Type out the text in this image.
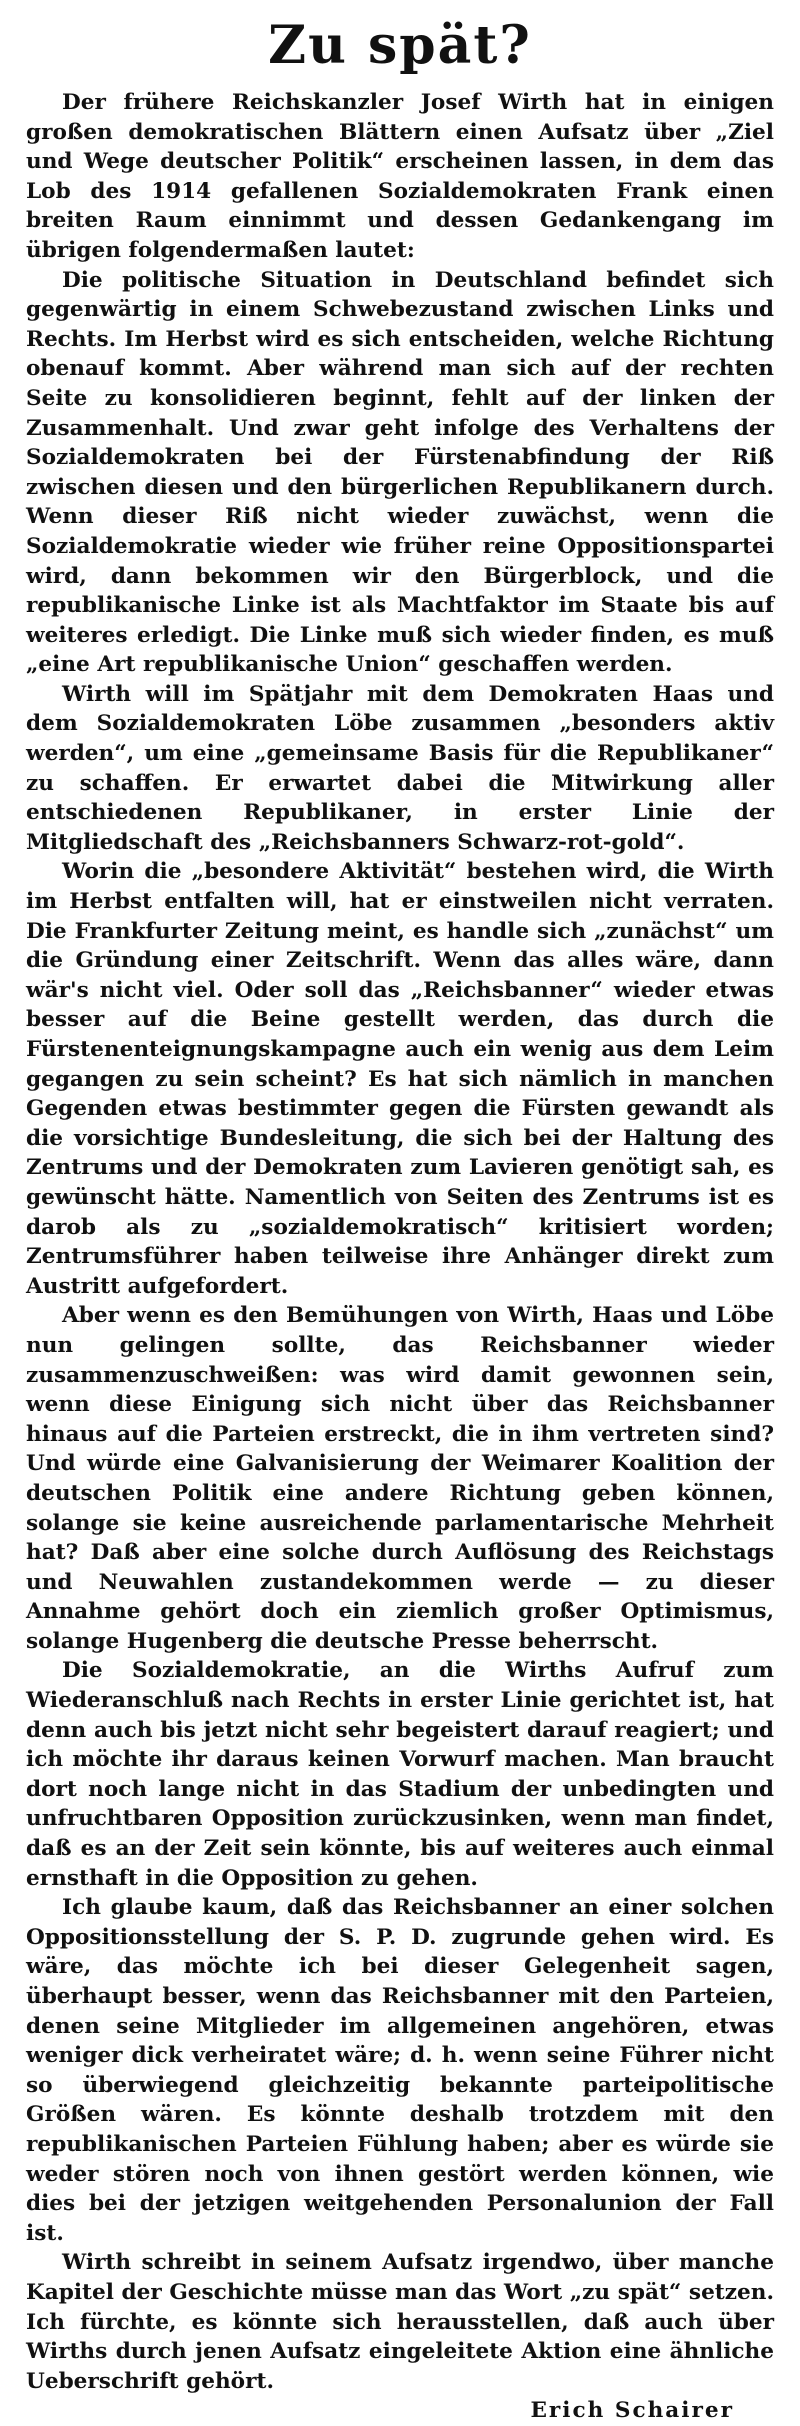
Zu spät?

Der frühere Reichskanzler Josef Wirth hat in einigen großen demokratischen Blättern einen Aufsatz über „Ziel und Wege deutscher Politik“ erscheinen lassen, in dem das Lob des 1914 gefallenen Sozialdemokraten Frank einen breiten Raum einnimmt und dessen Gedankengang im übrigen folgendermaßen lautet:

Die politische Situation in Deutschland befindet sich gegenwärtig in einem Schwebezustand zwischen Links und Rechts. Im Herbst wird es sich entscheiden, welche Richtung obenauf kommt. Aber während man sich auf der rechten Seite zu konsolidieren beginnt, fehlt auf der linken der Zusammenhalt. Und zwar geht infolge des Verhaltens der Sozialdemokraten bei der Fürstenabfindung der Riß zwischen diesen und den bürgerlichen Republikanern durch. Wenn dieser Riß nicht wieder zuwächst, wenn die Sozialdemokratie wieder wie früher reine Oppositionspartei wird, dann bekommen wir den Bürgerblock, und die republikanische Linke ist als Machtfaktor im Staate bis auf weiteres erledigt. Die Linke muß sich wieder finden, es muß „eine Art republikanische Union“ geschaffen werden.

Wirth will im Spätjahr mit dem Demokraten Haas und dem Sozialdemokraten Löbe zusammen „besonders aktiv werden“, um eine „gemeinsame Basis für die Republikaner“ zu schaffen. Er erwartet dabei die Mitwirkung aller entschiedenen Republikaner, in erster Linie der Mitgliedschaft des „Reichsbanners Schwarz-rot-gold“.

Worin die „besondere Aktivität“ bestehen wird, die Wirth im Herbst entfalten will, hat er einstweilen nicht verraten. Die Frankfurter Zeitung meint, es handle sich „zunächst“ um die Gründung einer Zeitschrift. Wenn das alles wäre, dann wär's nicht viel. Oder soll das „Reichsbanner“ wieder etwas besser auf die Beine gestellt werden, das durch die Fürstenenteignungskampagne auch ein wenig aus dem Leim gegangen zu sein scheint? Es hat sich nämlich in manchen Gegenden etwas bestimmter gegen die Fürsten gewandt als die vorsichtige Bundesleitung, die sich bei der Haltung des Zentrums und der Demokraten zum Lavieren genötigt sah, es gewünscht hätte. Namentlich von Seiten des Zentrums ist es darob als zu „sozialdemokratisch“ kritisiert worden; Zentrumsführer haben teilweise ihre Anhänger direkt zum Austritt aufgefordert.

Aber wenn es den Bemühungen von Wirth, Haas und Löbe nun gelingen sollte, das Reichsbanner wieder zusammenzuschweißen: was wird damit gewonnen sein, wenn diese Einigung sich nicht über das Reichsbanner hinaus auf die Parteien erstreckt, die in ihm vertreten sind? Und würde eine Galvanisierung der Weimarer Koalition der deutschen Politik eine andere Richtung geben können, solange sie keine ausreichende parlamentarische Mehrheit hat? Daß aber eine solche durch Auflösung des Reichstags und Neuwahlen zustandekommen werde — zu dieser Annahme gehört doch ein ziemlich großer Optimismus, solange Hugenberg die deutsche Presse beherrscht.

Die Sozialdemokratie, an die Wirths Aufruf zum Wiederanschluß nach Rechts in erster Linie gerichtet ist, hat denn auch bis jetzt nicht sehr begeistert darauf reagiert; und ich möchte ihr daraus keinen Vorwurf machen. Man braucht dort noch lange nicht in das Stadium der unbedingten und unfruchtbaren Opposition zurückzusinken, wenn man findet, daß es an der Zeit sein könnte, bis auf weiteres auch einmal ernsthaft in die Opposition zu gehen.

Ich glaube kaum, daß das Reichsbanner an einer solchen Oppositionsstellung der S. P. D. zugrunde gehen wird. Es wäre, das möchte ich bei dieser Gelegenheit sagen, überhaupt besser, wenn das Reichsbanner mit den Parteien, denen seine Mitglieder im allgemeinen angehören, etwas weniger dick verheiratet wäre; d. h. wenn seine Führer nicht so überwiegend gleichzeitig bekannte parteipolitische Größen wären. Es könnte deshalb trotzdem mit den republikanischen Parteien Fühlung haben; aber es würde sie weder stören noch von ihnen gestört werden können, wie dies bei der jetzigen weitgehenden Personalunion der Fall ist.

Wirth schreibt in seinem Aufsatz irgendwo, über manche Kapitel der Geschichte müsse man das Wort „zu spät“ setzen. Ich fürchte, es könnte sich herausstellen, daß auch über Wirths durch jenen Aufsatz eingeleitete Aktion eine ähnliche Ueberschrift gehört.

Erich Schairer
